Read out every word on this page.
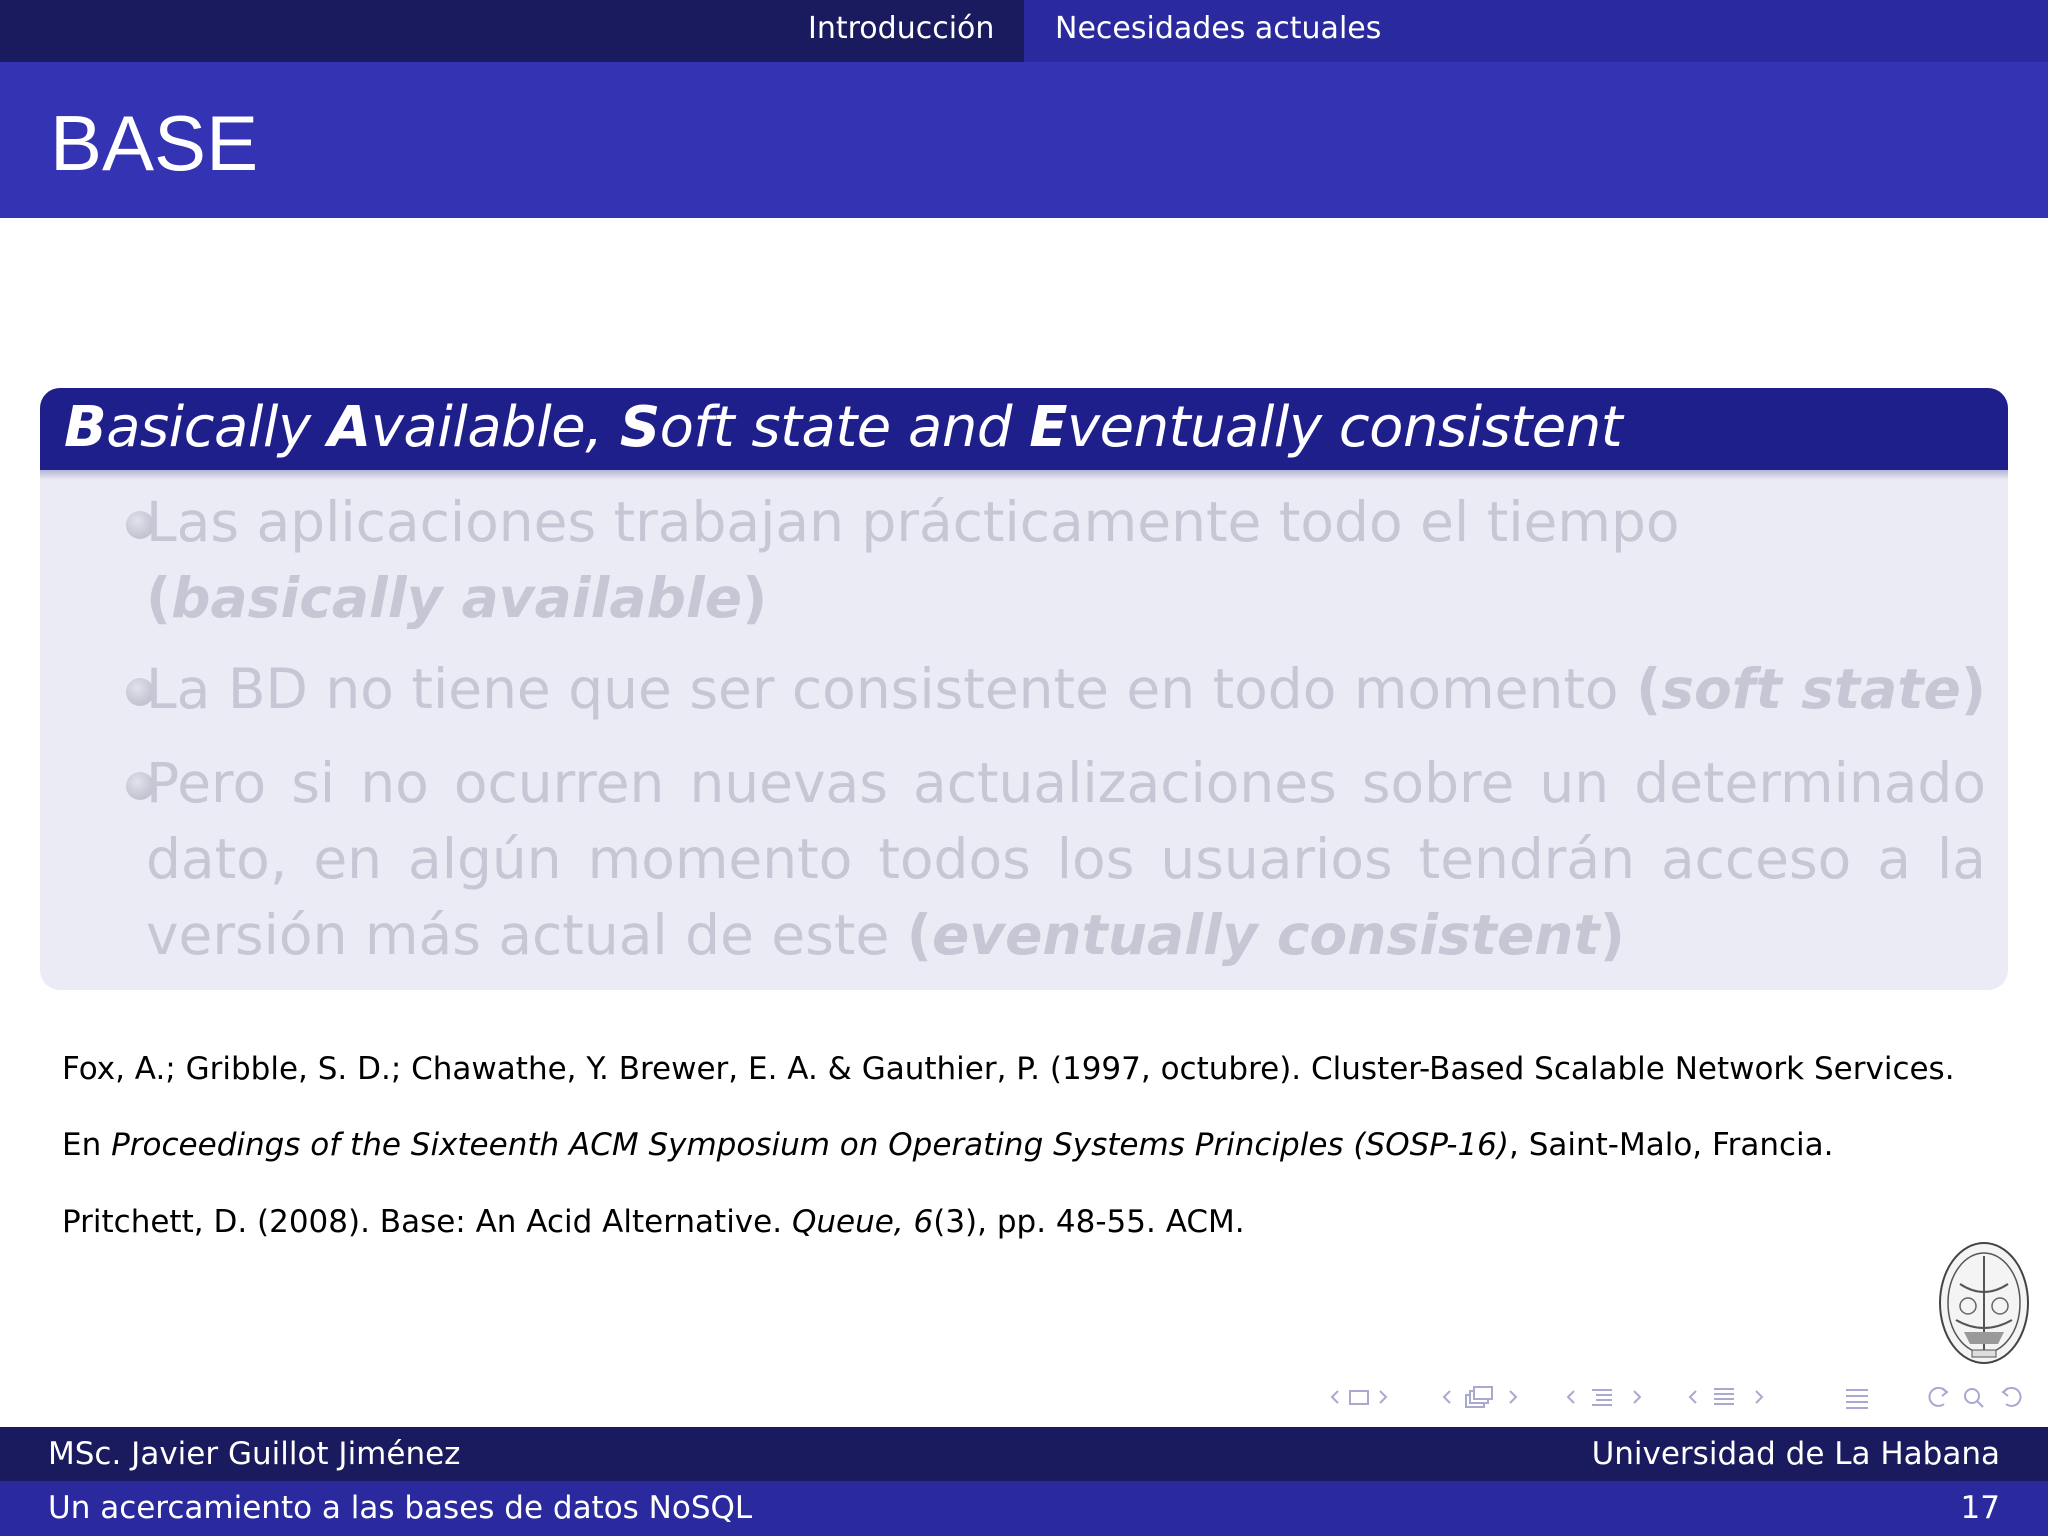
Introducción Necesidades actuales
BASE
Basically Available, Soft state and Eventually consistent
Las aplicaciones trabajan prácticamente todo el tiempo (basically available)
La BD no tiene que ser consistente en todo momento (soft state)
Pero si no ocurren nuevas actualizaciones sobre un determinado dato, en algún momento todos los usuarios tendrán acceso a la versión más actual de este (eventually consistent)
Fox, A.; Gribble, S. D.; Chawathe, Y. Brewer, E. A. & Gauthier, P. (1997, octubre). Cluster-Based Scalable Network Services.
En Proceedings of the Sixteenth ACM Symposium on Operating Systems Principles (SOSP-16), Saint-Malo, Francia.
Pritchett, D. (2008). Base: An Acid Alternative. Queue, 6(3), pp. 48-55. ACM.
MSc. Javier Guillot Jiménez	Universidad de La Habana
Un acercamiento a las bases de datos NoSQL	17
